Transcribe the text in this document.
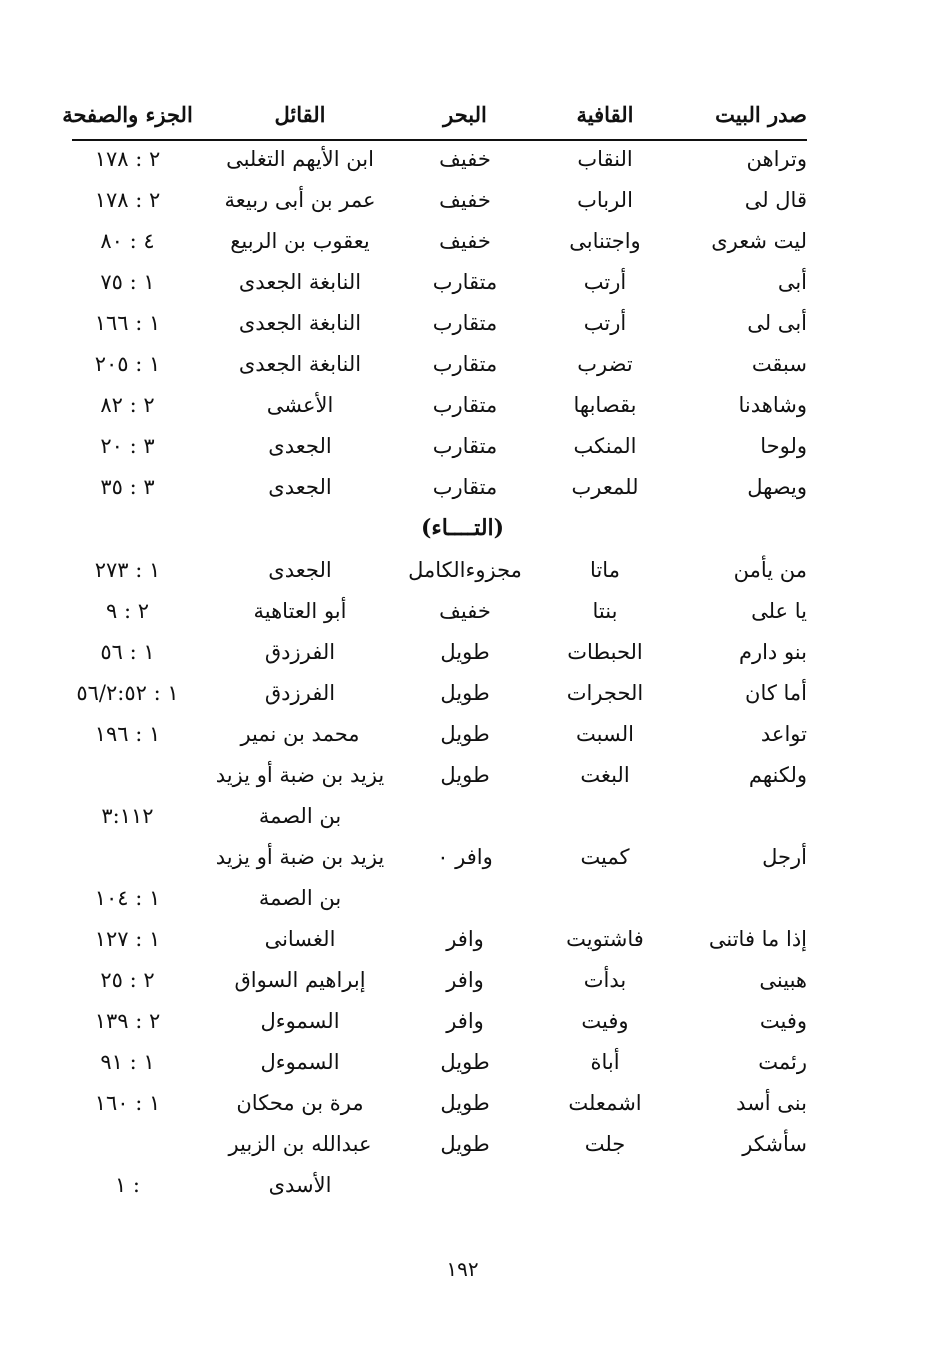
صدر البيت
القافية
البحر
القائل
الجزء والصفحة
وتراهن
النقاب
خفيف
ابن الأيهم التغلبى
٢ : ١٧٨
قال لى
الرباب
خفيف
عمر بن أبى ربيعة
٢ : ١٧٨
ليت شعرى
واجتنابى
خفيف
يعقوب بن الربيع
٤ : ٨٠
أبى
أرتب
متقارب
النابغة الجعدى
١ : ٧٥
أبى لى
أرتب
متقارب
النابغة الجعدى
١ : ١٦٦
سبقت
تضرب
متقارب
النابغة الجعدى
١ : ٢٠٥
وشاهدنا
بقصابها
متقارب
الأعشى
٢ : ٨٢
ولوحا
المنكب
متقارب
الجعدى
٣ : ٢٠
ويصهل
للمعرب
متقارب
الجعدى
٣ : ٣٥
(التــــاء)
من يأمن
ماتا
مجزوءالكامل
الجعدى
١ : ٢٧٣
يا على
بنتا
خفيف
أبو العتاهية
٢ : ٩
بنو دارم
الحبطات
طويل
الفرزدق
١ : ٥٦
أما كان
الحجرات
طويل
الفرزدق
١ : ٥٦/٢:٥٢
تواعد
السبت
طويل
محمد بن نمير
١ : ١٩٦
ولكنهم
البغت
طويل
يزيد بن ضبة أو يزيد
بن الصمة
٣:١١٢
أرجل
كميت
وافر ٠
يزيد بن ضبة أو يزيد
بن الصمة
١ : ١٠٤
إذا ما فاتنى
فاشتويت
وافر
الغسانى
١ : ١٢٧
هبينى
بدأت
وافر
إبراهيم السواق
٢ : ٢٥
وفيت
وفيت
وافر
السموءل
٢ : ١٣٩
رئمت
أباة
طويل
السموءل
١ : ٩١
بنى أسد
اشمعلت
طويل
مرة بن محكان
١ : ١٦٠
سأشكر
جلت
طويل
عبدالله بن الزبير
الأسدى
١ :
١٩٢
